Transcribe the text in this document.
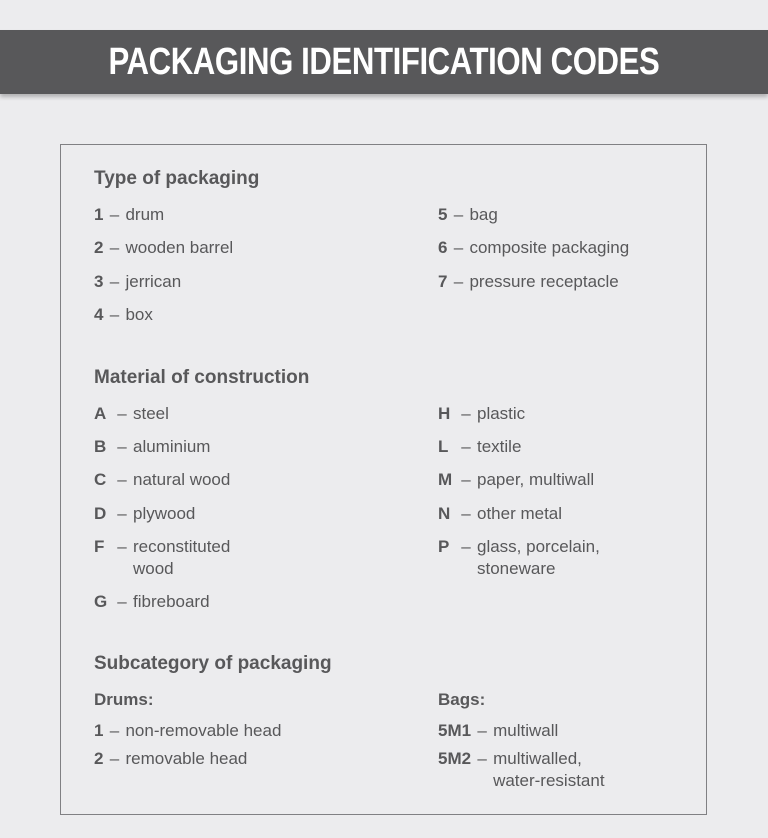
PACKAGING IDENTIFICATION CODES
Type of packaging
1 – drum
2 – wooden barrel
3 – jerrican
4 – box
5 – bag
6 – composite packaging
7 – pressure receptacle
Material of construction
A – steel
B – aluminium
C – natural wood
D – plywood
F – reconstituted
wood
G – fibreboard
H – plastic
L – textile
M – paper, multiwall
N – other metal
P – glass, porcelain,
stoneware
Subcategory of packaging
Drums:	Bags:
1 – non-removable head
2 – removable head
5M1 – multiwall
5M2 – multiwalled,
water-resistant
